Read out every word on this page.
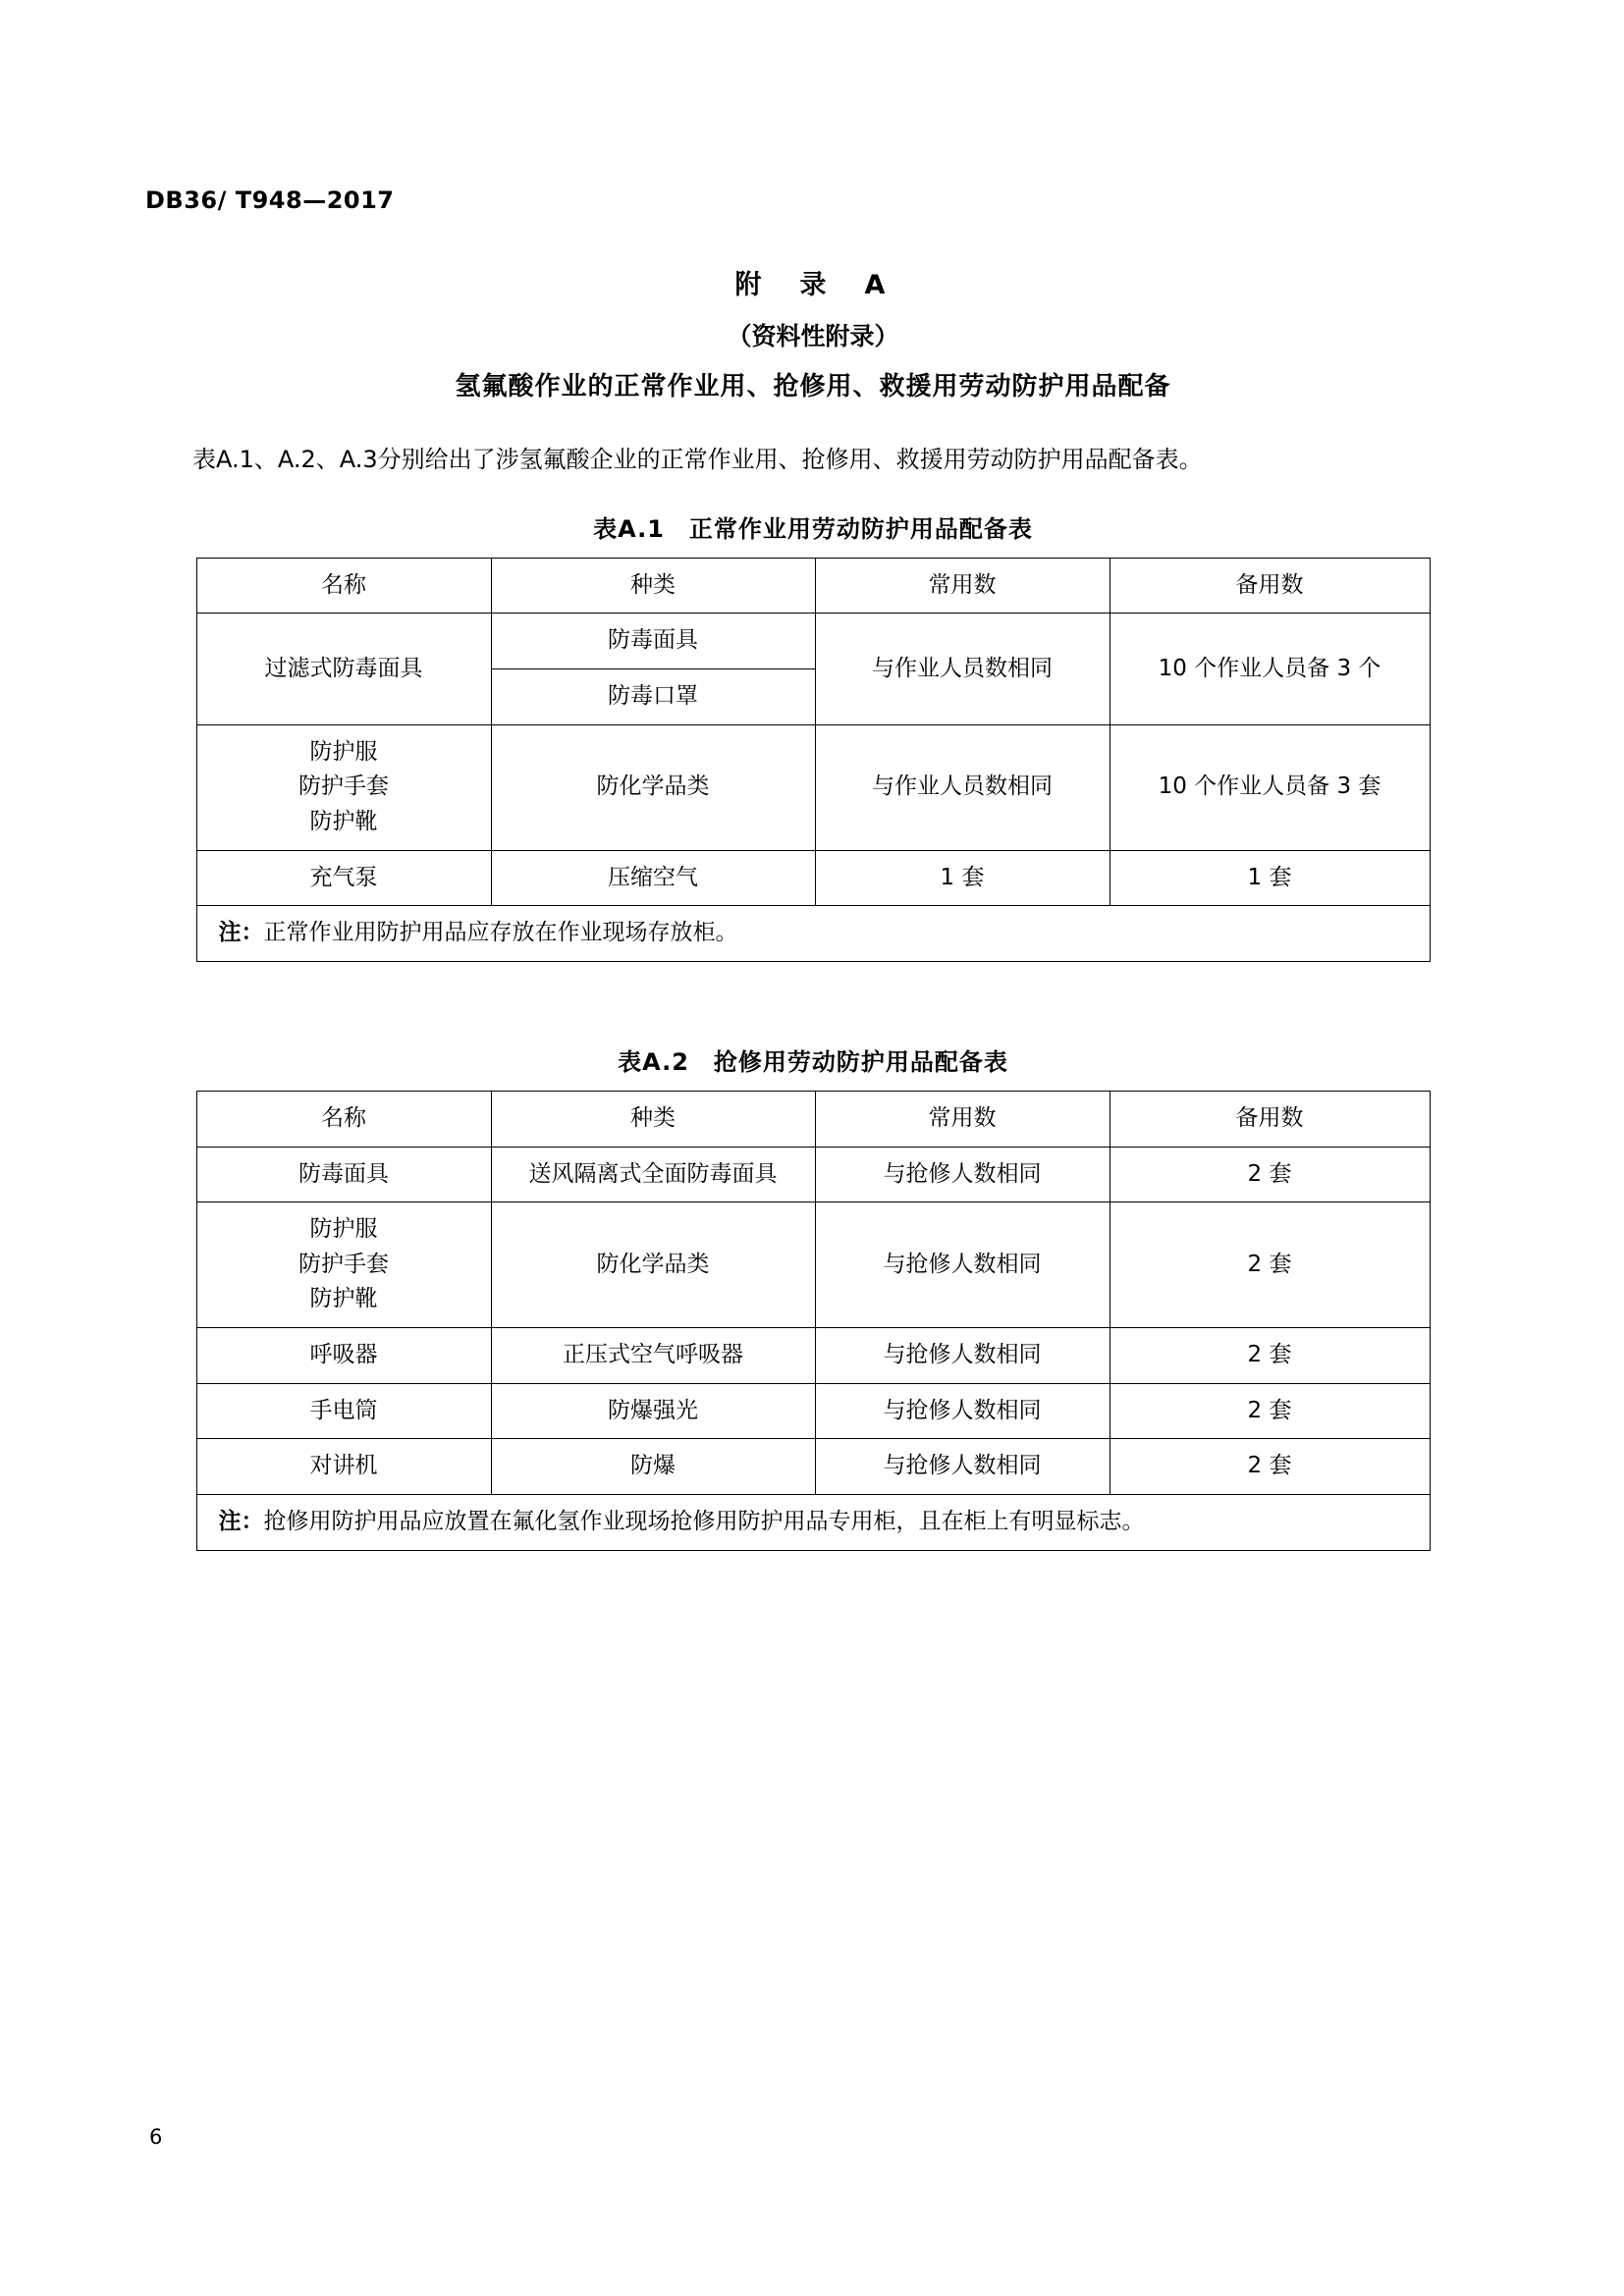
DB36/ T948—2017
附　录　A
（资料性附录）
氢氟酸作业的正常作业用、抢修用、救援用劳动防护用品配备
表A.1、A.2、A.3分别给出了涉氢氟酸企业的正常作业用、抢修用、救援用劳动防护用品配备表。
表A.1　正常作业用劳动防护用品配备表
名称	种类	常用数	备用数
过滤式防毒面具	防毒面具	与作业人员数相同	10 个作业人员备 3 个
	防毒口罩		

防护服
防护手套
防护靴	防化学品类	与作业人员数相同	10 个作业人员备 3 套
充气泵	压缩空气	1 套	1 套
注：正常作业用防护用品应存放在作业现场存放柜。			
表A.2　抢修用劳动防护用品配备表
名称	种类	常用数	备用数
防毒面具	送风隔离式全面防毒面具	与抢修人数相同	2 套

防护服
防护手套
防护靴	防化学品类	与抢修人数相同	2 套
呼吸器	正压式空气呼吸器	与抢修人数相同	2 套
手电筒	防爆强光	与抢修人数相同	2 套
对讲机	防爆	与抢修人数相同	2 套
注：抢修用防护用品应放置在氟化氢作业现场抢修用防护用品专用柜，且在柜上有明显标志。			
6
